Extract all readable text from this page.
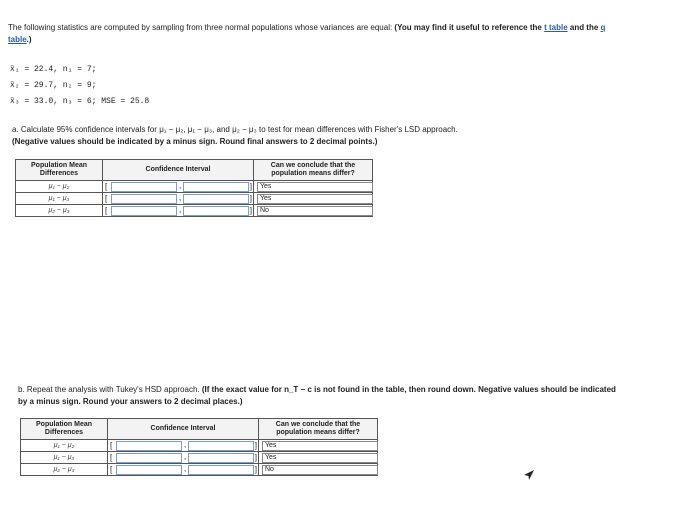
The following statistics are computed by sampling from three normal populations whose variances are equal: (You may find it useful to reference the t table and the q table.)
x̄₁ = 22.4, n₁ = 7;
x̄₂ = 29.7, n₂ = 9;
x̄₃ = 33.0, n₃ = 6; MSE = 25.8
a. Calculate 95% confidence intervals for μ₁ − μ₂, μ₁ − μ₃, and μ₂ − μ₃ to test for mean differences with Fisher's LSD approach.
(Negative values should be indicated by a minus sign. Round final answers to 2 decimal points.)
Population Mean Differences	Confidence Interval	Can we conclude that the population means differ?
μ₁ − μ₂	[ , ]	Yes

μ₁ − μ₃	[ , ]	Yes

μ₂ − μ₃	[ , ]	No
b. Repeat the analysis with Tukey's HSD approach. (If the exact value for n_T − c is not found in the table, then round down. Negative values should be indicated by a minus sign. Round your answers to 2 decimal places.)
Population Mean Differences	Confidence Interval	Can we conclude that the population means differ?
μ₁ − μ₂	[ , ]	Yes

μ₁ − μ₃	[ , ]	Yes

μ₂ − μ₃	[ , ]	No
